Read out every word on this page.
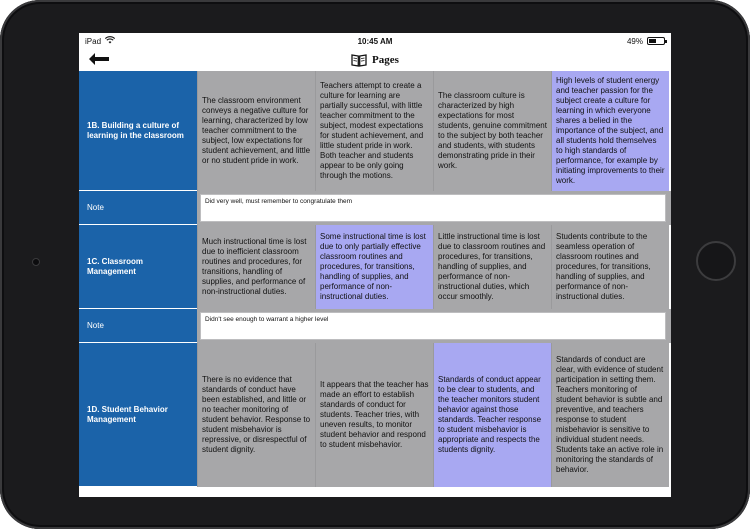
iPad	10:45 AM	49%
Pages
1B. Building a culture of learning in the classroom
The classroom environment conveys a negative culture for learning, characterized by low teacher commitment to the subject, low expectations for student achievement, and little or no student pride in work.
Teachers attempt to create a culture for learning are partially successful, with little teacher commitment to the subject, modest expectations for student achievement, and little student pride in work. Both teacher and students appear to be only going through the motions.
The classroom culture is characterized by high expectations for most students, genuine commitment to the subject by both teacher and students, with students demonstrating pride in their work.
High levels of student energy and teacher passion for the subject create a culture for learning in which everyone shares a belied in the importance of the subject, and all students hold themselves to high standards of performance, for example by initiating improvements to their work.
Note
Did very well, must remember to congratulate them
1C. Classroom Management
Much instructional time is lost due to inefficient classroom routines and procedures, for transitions, handling of supplies, and performance of non-instructional duties.
Some instructional time is lost due to only partially effective classroom routines and procedures, for transitions, handling of supplies, and performance of non- instructional duties.
Little instructional time is lost due to classroom routines and procedures, for transitions, handling of supplies, and performance of non- instructional duties, which occur smoothly.
Students contribute to the seamless operation of classroom routines and procedures, for transitions, handling of supplies, and performance of non- instructional duties.
Note
Didn't see enough to warrant a higher level
1D. Student Behavior Management
There is no evidence that standards of conduct have been established, and little or no teacher monitoring of student behavior. Response to student misbehavior is repressive, or disrespectful of student dignity.
It appears that the teacher has made an effort to establish standards of conduct for students. Teacher tries, with uneven results, to monitor student behavior and respond to student misbehavior.
Standards of conduct appear to be clear to students, and the teacher monitors student behavior against those standards. Teacher response to student misbehavior is appropriate and respects the students dignity.
Standards of conduct are clear, with evidence of student participation in setting them. Teachers monitoring of student behavior is subtle and preventive, and teachers response to student misbehavior is sensitive to individual student needs. Students take an active role in monitoring the standards of behavior.
